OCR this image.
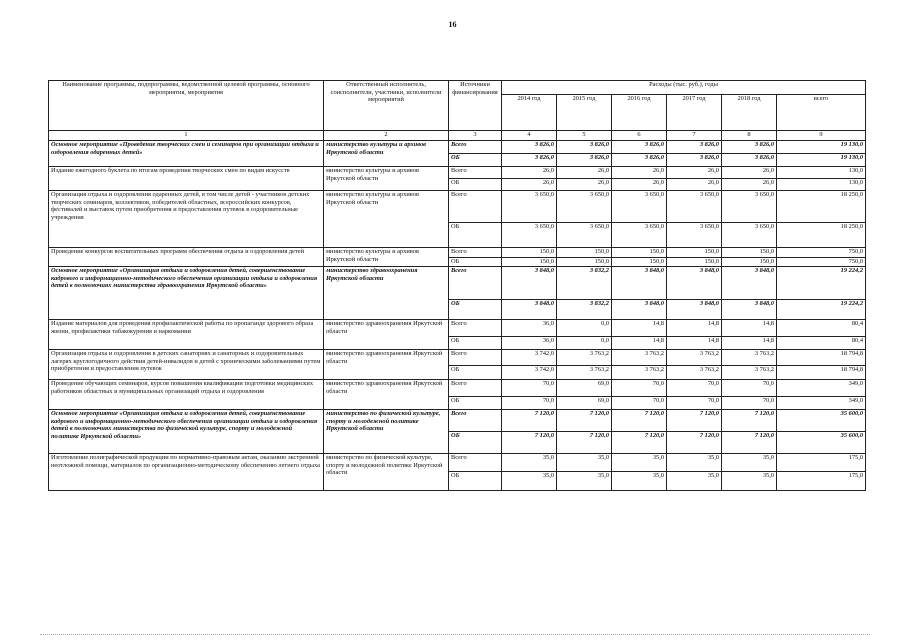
16
Наименование программы, подпрограммы, ведомственной целевой программы, основного мероприятия, мероприятия	Ответственный исполнитель, соисполнители, участники, исполнители мероприятий	Источники финансирования	Расходы (тыс. руб.), годы					
			2014 год	2015 год	2016 год	2017 год	2018 год	всего
1	2	3	4	5	6	7	8	9
Основное мероприятие «Проведение творческих смен и семинаров при организации отдыха и оздоровления одаренных детей»	министерство культуры и архивов Иркутской области	Всего	3 826,0	3 826,0	3 826,0	3 826,0	3 826,0	19 130,0
		ОБ	3 826,0	3 826,0	3 826,0	3 826,0	3 826,0	19 130,0
Издание ежегодного буклета по итогам проведения творческих смен по видам искусств	министерство культуры и архивов Иркутской области	Всего	26,0	26,0	26,0	26,0	26,0	130,0
		ОБ	26,0	26,0	26,0	26,0	26,0	130,0
Организация отдыха и оздоровления одаренных детей, в том числе детей - участников детских творческих семинаров, коллективов, победителей областных, всероссийских конкурсов, фестивалей и выставок путем приобретения и предоставления путевок в оздоровительные учреждения	министерство культуры и архивов Иркутской области	Всего	3 650,0	3 650,0	3 650,0	3 650,0	3 650,0	18 250,0
		ОБ	3 650,0	3 650,0	3 650,0	3 650,0	3 650,0	18 250,0
Проведение конкурсов воспитательных программ обеспечения отдыха и оздоровления детей	министерство культуры и архивов Иркутской области	Всего	150,0	150,0	150,0	150,0	150,0	750,0
		ОБ	150,0	150,0	150,0	150,0	150,0	750,0
Основное мероприятие «Организация отдыха и оздоровления детей, совершенствование кадрового и информационно-методического обеспечения организации отдыха и оздоровления детей в полномочиях министерства здравоохранения Иркутской области»	министерство здравоохранения Иркутской области	Всего	3 848,0	3 832,2	3 848,0	3 848,0	3 848,0	19 224,2
		ОБ	3 848,0	3 832,2	3 848,0	3 848,0	3 848,0	19 224,2
Издание материалов для проведения профилактической работы по пропаганде здорового образа жизни, профилактики табакокурения и наркомании	министерство здравоохранения Иркутской области	Всего	36,0	0,0	14,8	14,8	14,8	80,4
		ОБ	36,0	0,0	14,8	14,8	14,8	80,4
Организация отдыха и оздоровления в детских санаториях и санаторных и оздоровительных лагерях круглогодичного действия детей-инвалидов и детей с хроническими заболеваниями путем приобретения и предоставления путевок	министерство здравоохранения Иркутской области	Всего	3 742,0	3 763,2	3 763,2	3 763,2	3 763,2	18 794,8
		ОБ	3 742,0	3 763,2	3 763,2	3 763,2	3 763,2	18 794,8
Проведение обучающих семинаров, курсов повышения квалификации подготовки медицинских работников областных и муниципальных организаций отдыха и оздоровления	министерство здравоохранения Иркутской области	Всего	70,0	69,0	70,0	70,0	70,0	349,0
		ОБ	70,0	69,0	70,0	70,0	70,0	349,0
Основное мероприятие «Организация отдыха и оздоровления детей, совершенствование кадрового и информационно-методического обеспечения организации отдыха и оздоровления детей в полномочиях министерства по физической культуре, спорту и молодежной политике Иркутской области»	министерство по физической культуре, спорту и молодежной политике Иркутской области	Всего	7 120,0	7 120,0	7 120,0	7 120,0	7 120,0	35 600,0
		ОБ	7 120,0	7 120,0	7 120,0	7 120,0	7 120,0	35 600,0
Изготовление полиграфической продукции по нормативно-правовым актам, оказанию экстренной неотложной помощи, материалов по организационно-методическому обеспечению летнего отдыха	министерство по физической культуре, спорту и молодежной политике Иркутской области	Всего	35,0	35,0	35,0	35,0	35,0	175,0
		ОБ	35,0	35,0	35,0	35,0	35,0	175,0
